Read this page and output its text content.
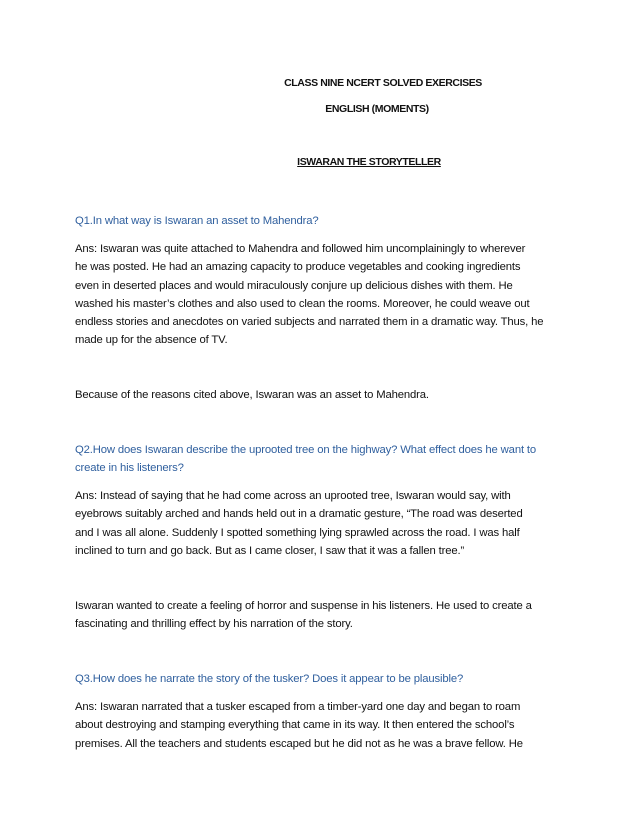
CLASS NINE NCERT SOLVED EXERCISES
ENGLISH (MOMENTS)
ISWARAN THE STORYTELLER
Q1.In what way is Iswaran an asset to Mahendra?
Ans: Iswaran was quite attached to Mahendra and followed him uncomplainingly to wherever
he was posted. He had an amazing capacity to produce vegetables and cooking ingredients
even in deserted places and would miraculously conjure up delicious dishes with them. He
washed his master’s clothes and also used to clean the rooms. Moreover, he could weave out
endless stories and anecdotes on varied subjects and narrated them in a dramatic way. Thus, he
made up for the absence of TV.
Because of the reasons cited above, Iswaran was an asset to Mahendra.
Q2.How does Iswaran describe the uprooted tree on the highway? What effect does he want to
create in his listeners?
Ans: Instead of saying that he had come across an uprooted tree, Iswaran would say, with
eyebrows suitably arched and hands held out in a dramatic gesture, “The road was deserted
and I was all alone. Suddenly I spotted something lying sprawled across the road. I was half
inclined to turn and go back. But as I came closer, I saw that it was a fallen tree.”
Iswaran wanted to create a feeling of horror and suspense in his listeners. He used to create a
fascinating and thrilling effect by his narration of the story.
Q3.How does he narrate the story of the tusker? Does it appear to be plausible?
Ans: Iswaran narrated that a tusker escaped from a timber-yard one day and began to roam
about destroying and stamping everything that came in its way. It then entered the school’s
premises. All the teachers and students escaped but he did not as he was a brave fellow. He
